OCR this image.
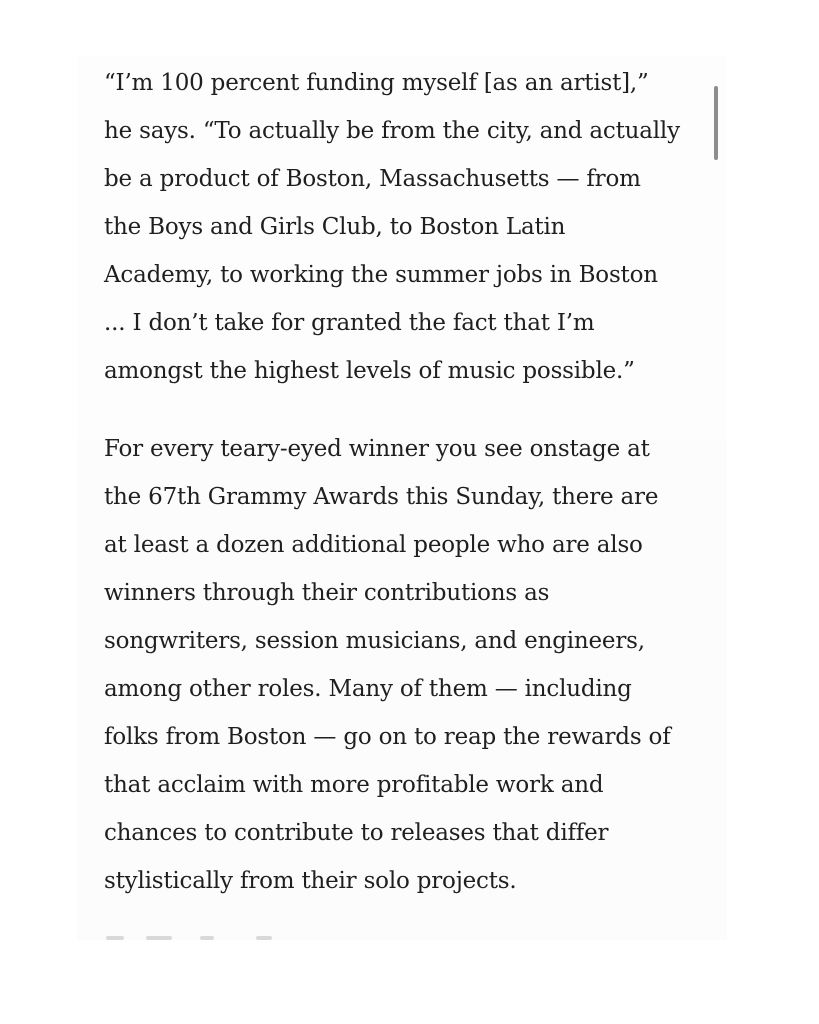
“I’m 100 percent funding myself [as an artist],”
he says. “To actually be from the city, and actually
be a product of Boston, Massachusetts — from
the Boys and Girls Club, to Boston Latin
Academy, to working the summer jobs in Boston
... I don’t take for granted the fact that I’m
amongst the highest levels of music possible.”
For every teary-eyed winner you see onstage at
the 67th Grammy Awards this Sunday, there are
at least a dozen additional people who are also
winners through their contributions as
songwriters, session musicians, and engineers,
among other roles. Many of them — including
folks from Boston — go on to reap the rewards of
that acclaim with more profitable work and
chances to contribute to releases that differ
stylistically from their solo projects.
